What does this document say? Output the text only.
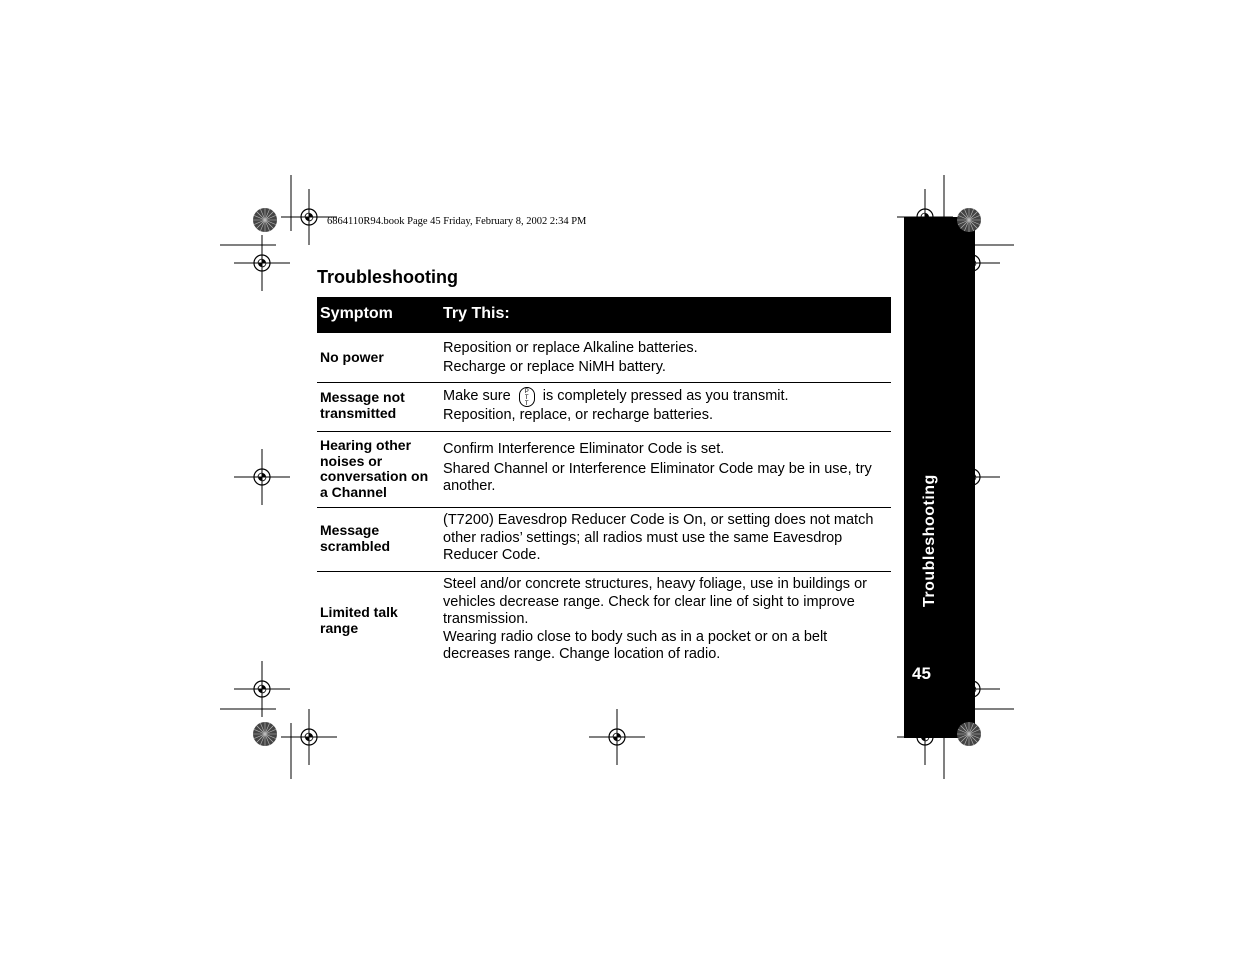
6864110R94.book Page 45 Friday, February 8, 2002 2:34 PM
Troubleshooting
Symptom	Try This:
No power

Reposition or replace Alkaline batteries.

Recharge or replace NiMH battery.

Message not transmitted

Make sure P
T
T is completely pressed as you transmit.

Reposition, replace, or recharge batteries.

Hearing other noises or conversation on a Channel

Confirm Interference Eliminator Code is set.

Shared Channel or Interference Eliminator Code may be in use, try another.

Message scrambled

(T7200) Eavesdrop Reducer Code is On, or setting does not match other radios’ settings; all radios must use the same Eavesdrop Reducer Code.

Limited talk range

Steel and/or concrete structures, heavy foliage, use in buildings or vehicles decrease range. Check for clear line of sight to improve transmission.

Wearing radio close to body such as in a pocket or on a belt decreases range. Change location of radio.

Troubleshooting
45
